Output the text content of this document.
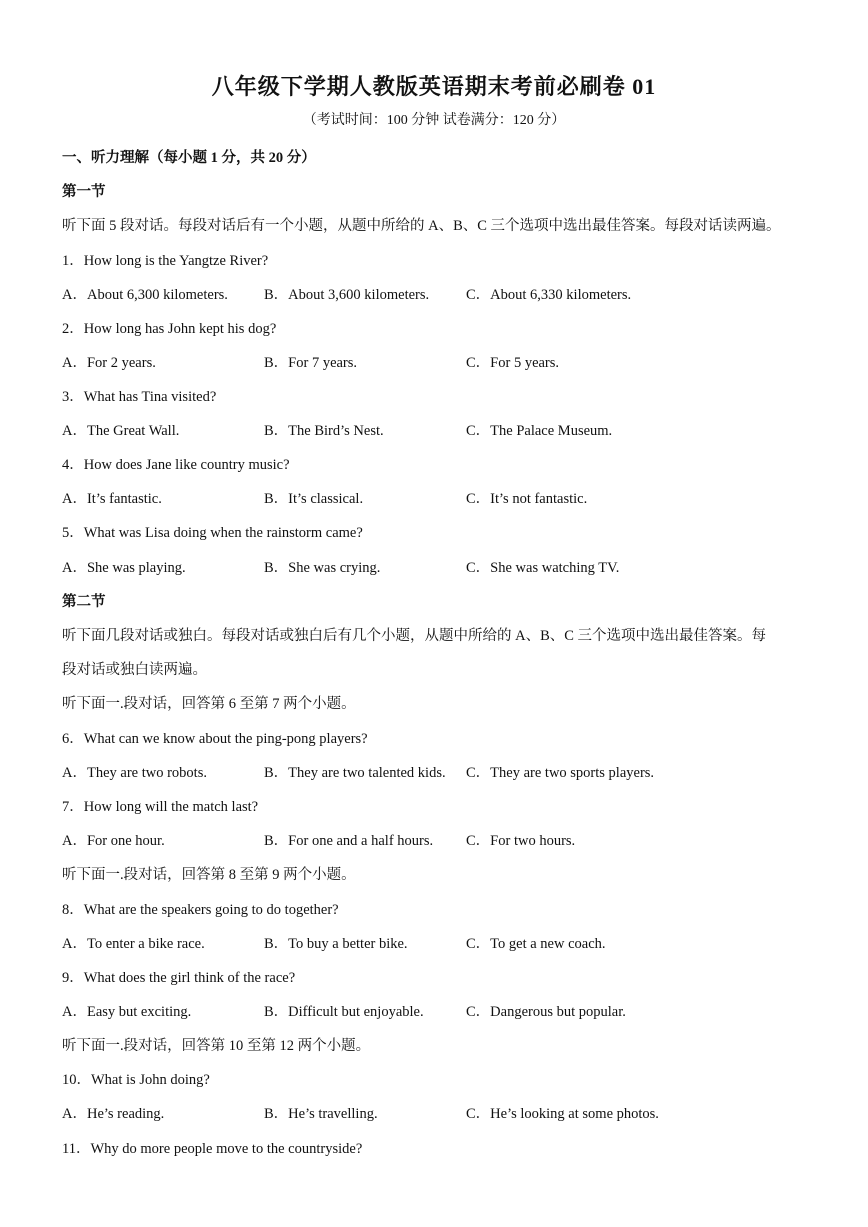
八年级下学期人教版英语期末考前必刷卷 01
（考试时间：100 分钟 试卷满分：120 分）
一、听力理解（每小题 1 分，共 20 分）
第一节
听下面 5 段对话。每段对话后有一个小题，从题中所给的 A、B、C 三个选项中选出最佳答案。每段对话读两遍。
1．How long is the Yangtze River?
A．About 6,300 kilometers. B．About 3,600 kilometers.	C．About 6,330 kilometers.
2．How long has John kept his dog?
A．For 2 years.	B．For 7 years.	C．For 5 years.
3．What has Tina visited?
A．The Great Wall.	B．The Bird’s Nest.	C．The Palace Museum.
4．How does Jane like country music?
A．It’s fantastic.	B．It’s classical.	C．It’s not fantastic.
5．What was Lisa doing when the rainstorm came?
A．She was playing.	B．She was crying.	C．She was watching TV.
第二节
听下面几段对话或独白。每段对话或独白后有几个小题，从题中所给的 A、B、C 三个选项中选出最佳答案。每
段对话或独白读两遍。
听下面一.段对话，回答第 6 至第 7 两个小题。
6．What can we know about the ping-pong players?
A．They are two robots.	B．They are two talented kids. C．They are two sports players.
7．How long will the match last?
A．For one hour.	B．For one and a half hours. C．For two hours.
听下面一.段对话，回答第 8 至第 9 两个小题。
8．What are the speakers going to do together?
A．To enter a bike race.	B．To buy a better bike.	C．To get a new coach.
9．What does the girl think of the race?
A．Easy but exciting.	B．Difficult but enjoyable.	C．Dangerous but popular.
听下面一.段对话，回答第 10 至第 12 两个小题。
10．What is John doing?
A．He’s reading.	B．He’s travelling.	C．He’s looking at some photos.
11．Why do more people move to the countryside?
